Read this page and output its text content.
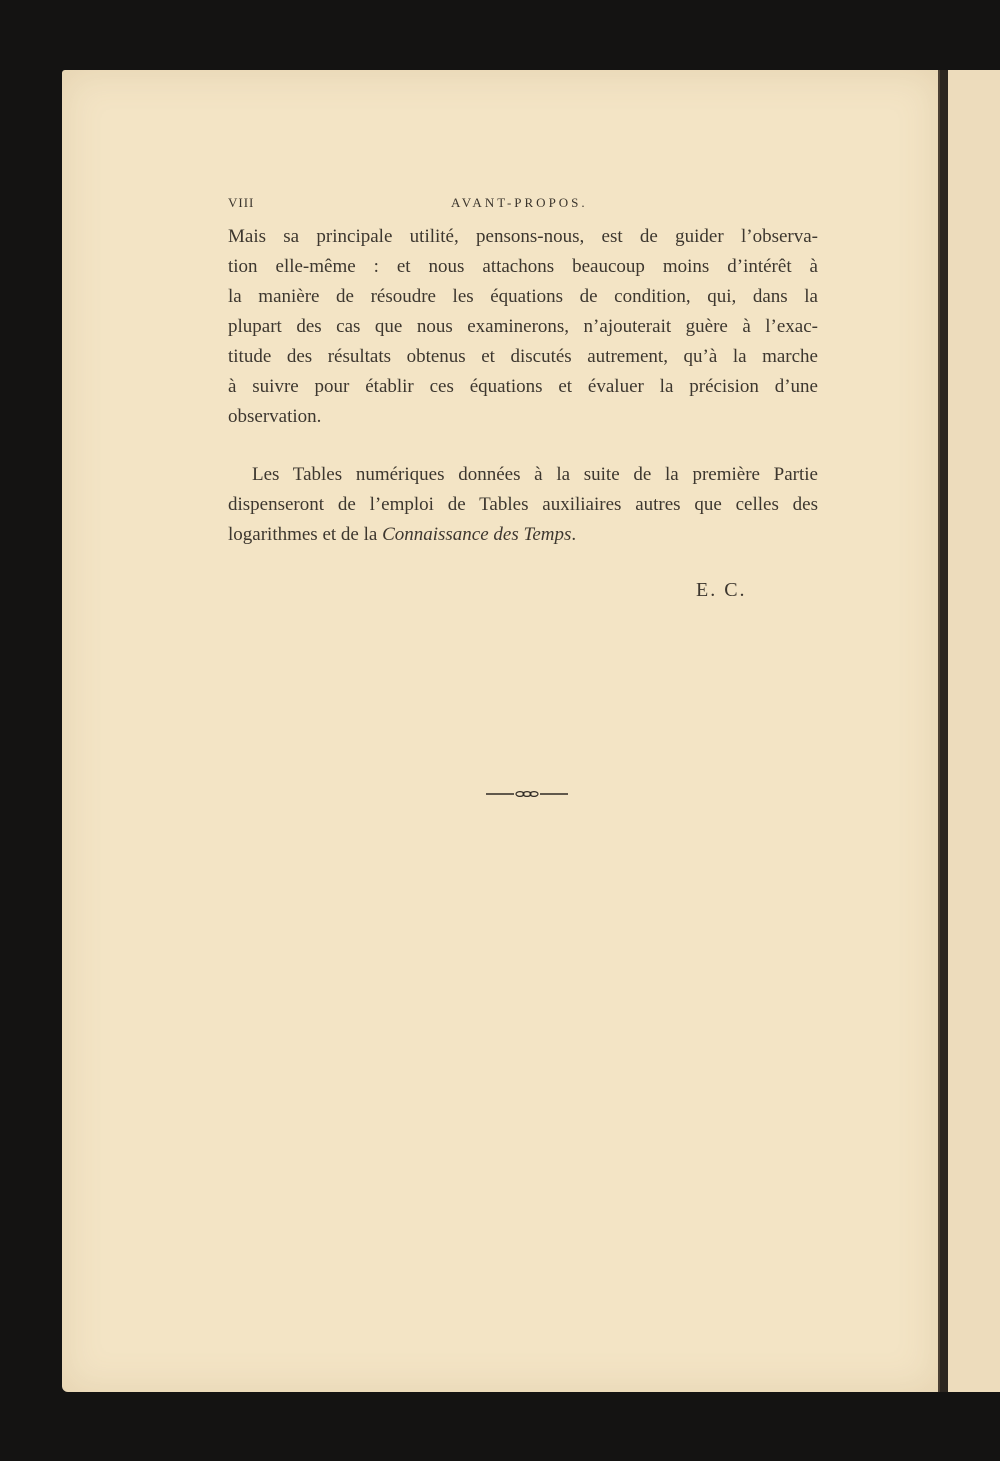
VIII	AVANT-PROPOS.

Mais sa principale utilité, pensons-nous, est de guider l’observa-
tion elle-même : et nous attachons beaucoup moins d’intérêt à
la manière de résoudre les équations de condition, qui, dans la
plupart des cas que nous examinerons, n’ajouterait guère à l’exac-
titude des résultats obtenus et discutés autrement, qu’à la marche
à suivre pour établir ces équations et évaluer la précision d’une
observation.

Les Tables numériques données à la suite de la première Partie
dispenseront de l’emploi de Tables auxiliaires autres que celles des
logarithmes et de la Connaissance des Temps.

E. C.
